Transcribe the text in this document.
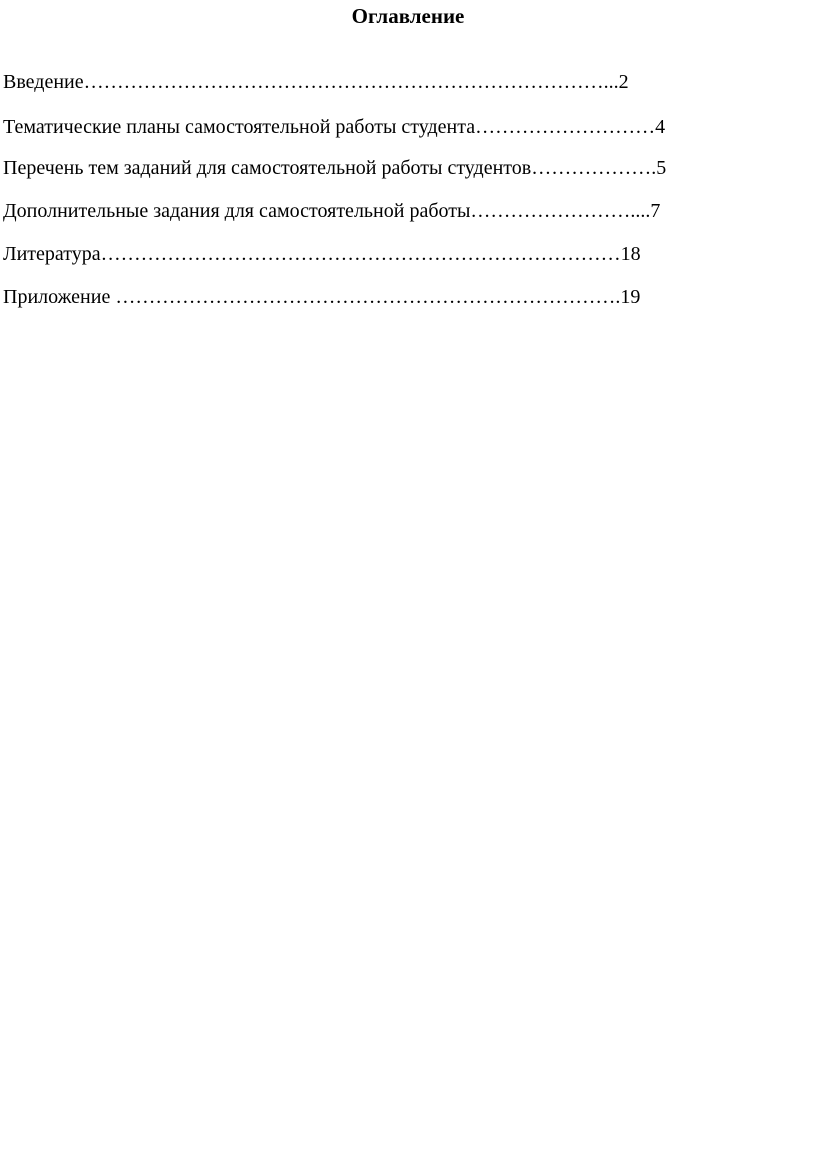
Оглавление
Введение……………………………………………………………………...2
Тематические планы самостоятельной работы студента………………………4
Перечень тем заданий для самостоятельной работы студентов……………….5
Дополнительные задания для самостоятельной работы……………………....7
Литература……………………………………………………………………18
Приложение ………………………………………………………………….19
